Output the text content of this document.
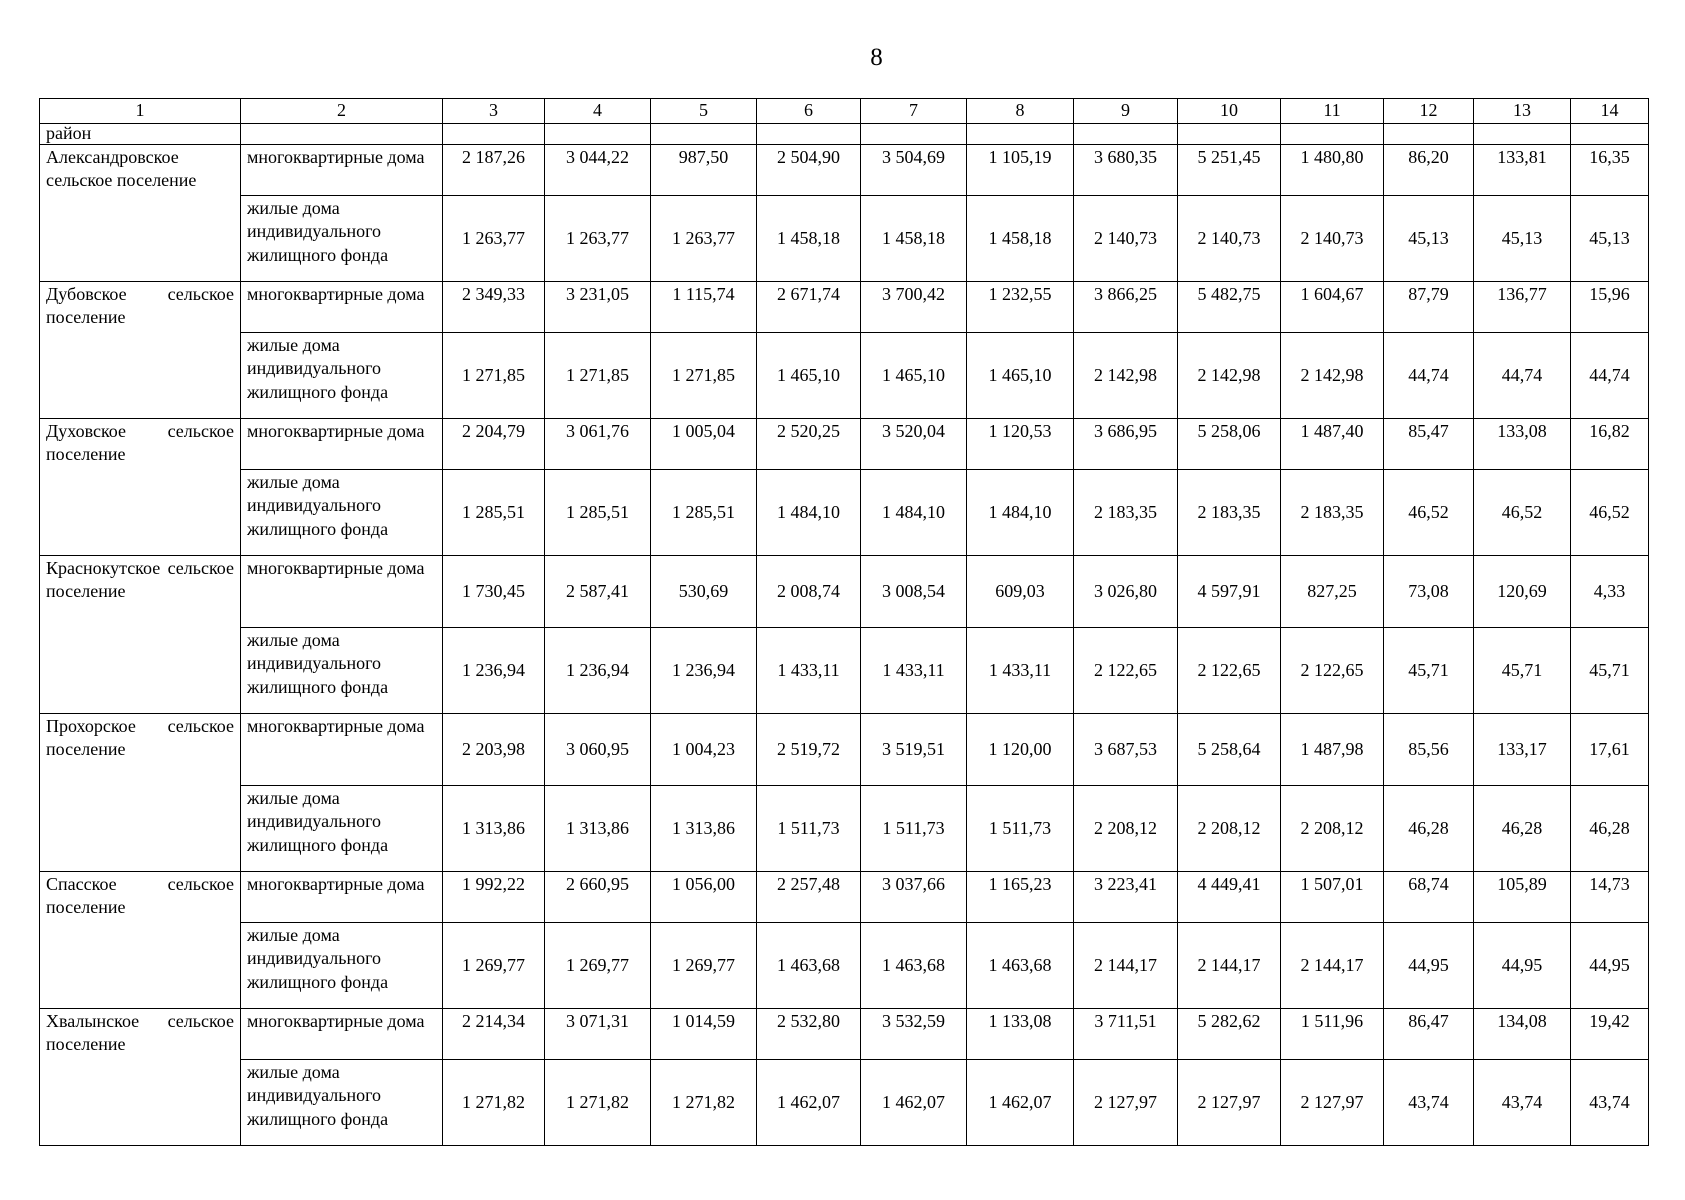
8
1	2	3	4	5	6	7	8	9	10	11	12	13	14
район													
Александровское сельское поселение	многоквартирные дома	2 187,26	3 044,22	987,50	2 504,90	3 504,69	1 105,19	3 680,35	5 251,45	1 480,80	86,20	133,81	16,35
	жилые дома индивидуального жилищного фонда	1 263,77	1 263,77	1 263,77	1 458,18	1 458,18	1 458,18	2 140,73	2 140,73	2 140,73	45,13	45,13	45,13
Дубовское сельское поселение	многоквартирные дома	2 349,33	3 231,05	1 115,74	2 671,74	3 700,42	1 232,55	3 866,25	5 482,75	1 604,67	87,79	136,77	15,96
	жилые дома индивидуального жилищного фонда	1 271,85	1 271,85	1 271,85	1 465,10	1 465,10	1 465,10	2 142,98	2 142,98	2 142,98	44,74	44,74	44,74
Духовское сельское поселение	многоквартирные дома	2 204,79	3 061,76	1 005,04	2 520,25	3 520,04	1 120,53	3 686,95	5 258,06	1 487,40	85,47	133,08	16,82
	жилые дома индивидуального жилищного фонда	1 285,51	1 285,51	1 285,51	1 484,10	1 484,10	1 484,10	2 183,35	2 183,35	2 183,35	46,52	46,52	46,52
Краснокутское сельское поселение	многоквартирные дома	1 730,45	2 587,41	530,69	2 008,74	3 008,54	609,03	3 026,80	4 597,91	827,25	73,08	120,69	4,33
	жилые дома индивидуального жилищного фонда	1 236,94	1 236,94	1 236,94	1 433,11	1 433,11	1 433,11	2 122,65	2 122,65	2 122,65	45,71	45,71	45,71
Прохорское сельское поселение	многоквартирные дома	2 203,98	3 060,95	1 004,23	2 519,72	3 519,51	1 120,00	3 687,53	5 258,64	1 487,98	85,56	133,17	17,61
	жилые дома индивидуального жилищного фонда	1 313,86	1 313,86	1 313,86	1 511,73	1 511,73	1 511,73	2 208,12	2 208,12	2 208,12	46,28	46,28	46,28
Спасское сельское поселение	многоквартирные дома	1 992,22	2 660,95	1 056,00	2 257,48	3 037,66	1 165,23	3 223,41	4 449,41	1 507,01	68,74	105,89	14,73
	жилые дома индивидуального жилищного фонда	1 269,77	1 269,77	1 269,77	1 463,68	1 463,68	1 463,68	2 144,17	2 144,17	2 144,17	44,95	44,95	44,95
Хвалынское сельское поселение	многоквартирные дома	2 214,34	3 071,31	1 014,59	2 532,80	3 532,59	1 133,08	3 711,51	5 282,62	1 511,96	86,47	134,08	19,42
	жилые дома индивидуального жилищного фонда	1 271,82	1 271,82	1 271,82	1 462,07	1 462,07	1 462,07	2 127,97	2 127,97	2 127,97	43,74	43,74	43,74
